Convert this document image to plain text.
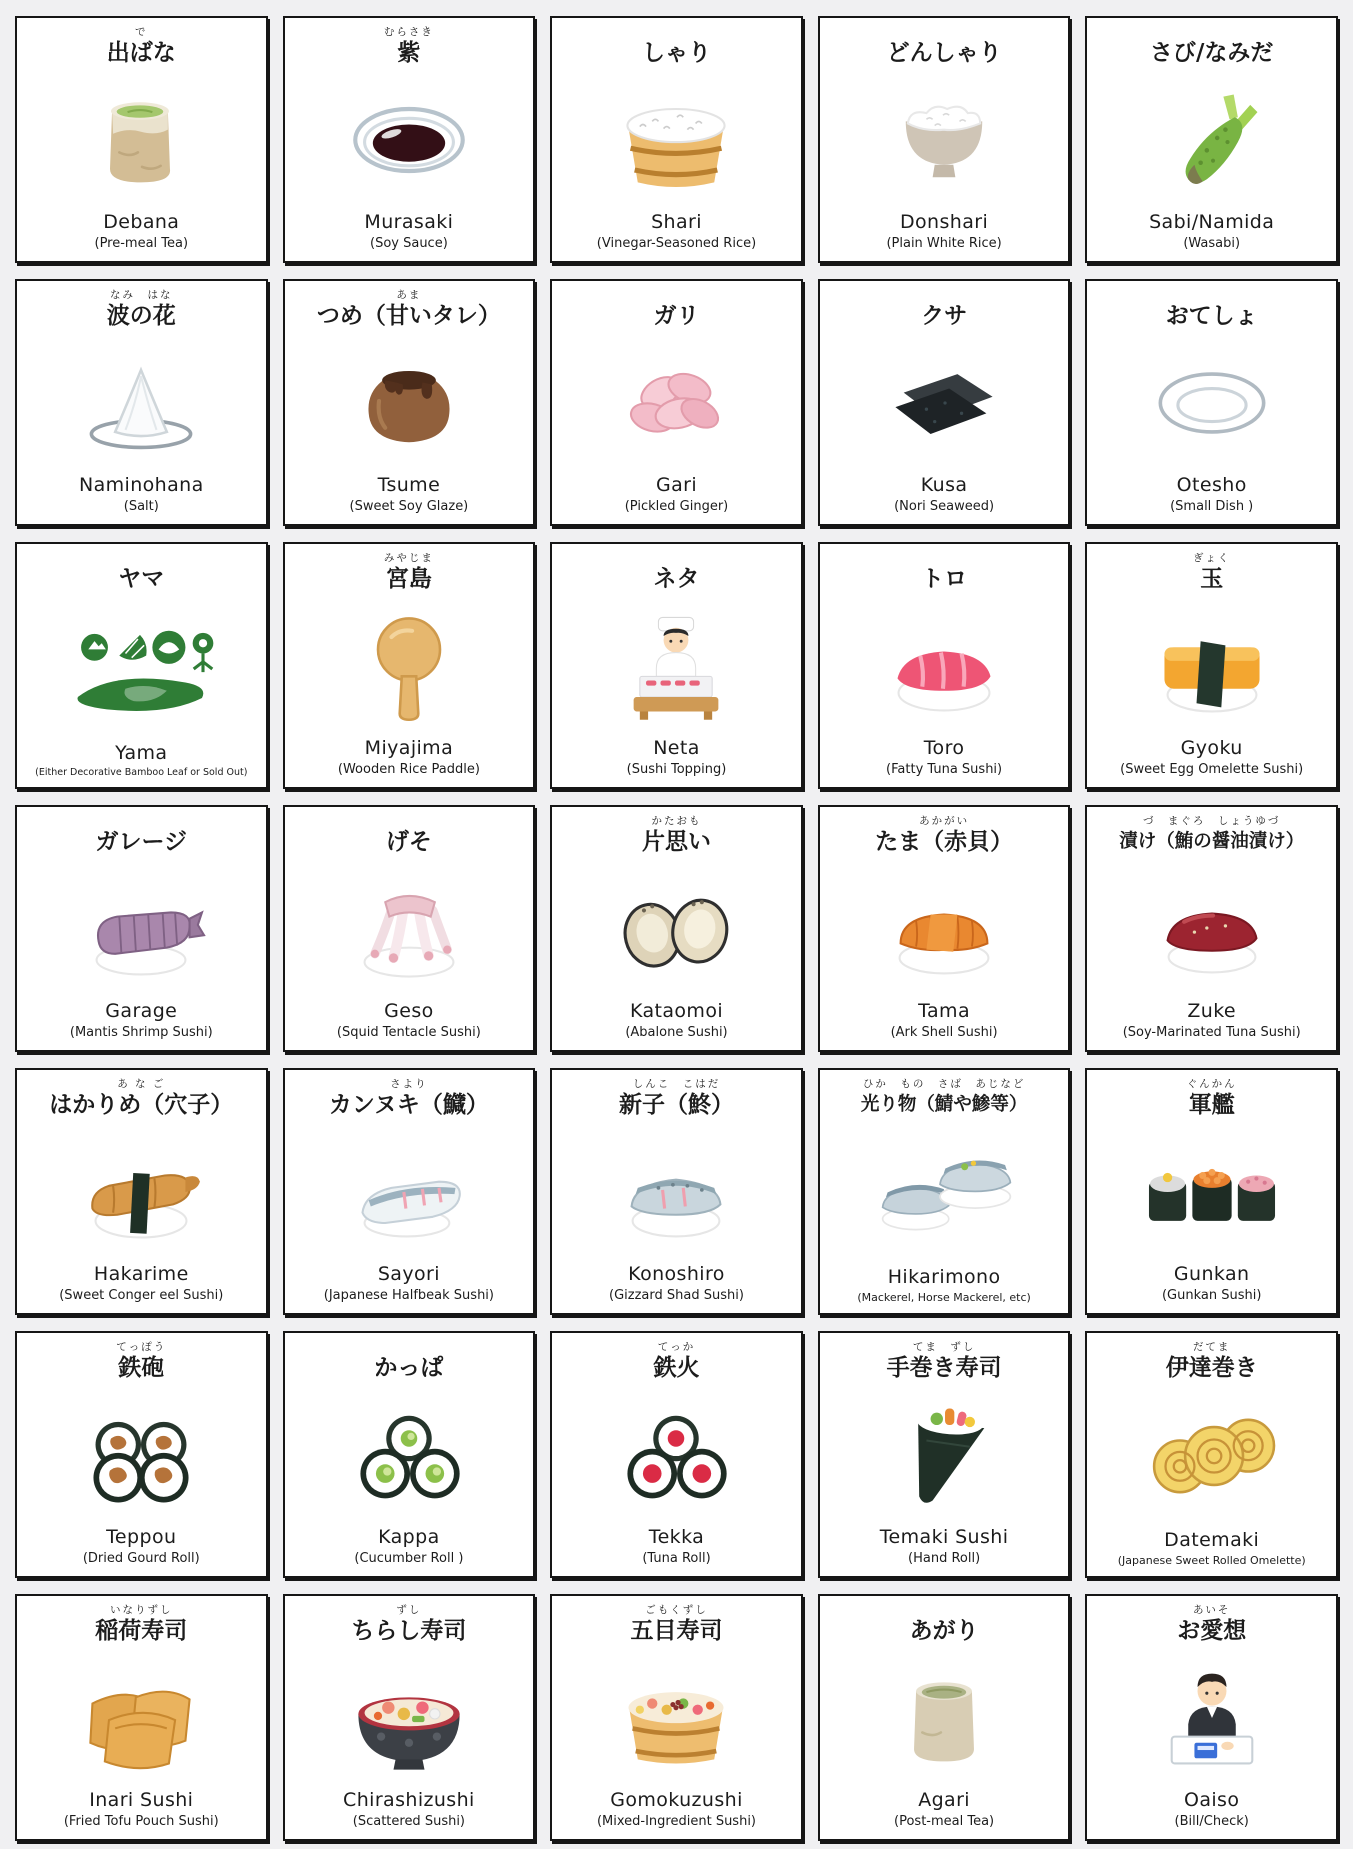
で
出ばな
Debana
(Pre-meal Tea)
むらさき
紫
Murasaki
(Soy Sauce)
しゃり
Shari
(Vinegar-Seasoned Rice)
どんしゃり
Donshari
(Plain White Rice)
さび/なみだ
Sabi/Namida
(Wasabi)
なみ　はな
波の花
Naminohana
(Salt)
あま
つめ（甘いタレ）
Tsume
(Sweet Soy Glaze)
ガリ
Gari
(Pickled Ginger)
クサ
Kusa
(Nori Seaweed)
おてしょ
Otesho
(Small Dish )
ヤマ
Yama
(Either Decorative Bamboo Leaf or Sold Out)
みやじま
宮島
Miyajima
(Wooden Rice Paddle)
ネタ
Neta
(Sushi Topping)
トロ
Toro
(Fatty Tuna Sushi)
ぎょく
玉
Gyoku
(Sweet Egg Omelette Sushi)
ガレージ
Garage
(Mantis Shrimp Sushi)
げそ
Geso
(Squid Tentacle Sushi)
かたおも
片思い
Kataomoi
(Abalone Sushi)
あかがい
たま（赤貝）
Tama
(Ark Shell Sushi)
づ　まぐろ　しょうゆづ
漬け（鮪の醤油漬け）
Zuke
(Soy-Marinated Tuna Sushi)
あ な ご
はかりめ（穴子）
Hakarime
(Sweet Conger eel Sushi)
さより
カンヌキ（鱵）
Sayori
(Japanese Halfbeak Sushi)
しんこ　こはだ
新子（鮗）
Konoshiro
(Gizzard Shad Sushi)
ひか　もの　さば　あじなど
光り物（鯖や鯵等）
Hikarimono
(Mackerel, Horse Mackerel, etc)
ぐんかん
軍艦
Gunkan
(Gunkan Sushi)
てっぽう
鉄砲
Teppou
(Dried Gourd Roll)
かっぱ
Kappa
(Cucumber Roll )
てっか
鉄火
Tekka
(Tuna Roll)
てま　ずし
手巻き寿司
Temaki Sushi
(Hand Roll)
だてま
伊達巻き
Datemaki
(Japanese Sweet Rolled Omelette)
いなりずし
稲荷寿司
Inari Sushi
(Fried Tofu Pouch Sushi)
ずし
ちらし寿司
Chirashizushi
(Scattered Sushi)
ごもくずし
五目寿司
Gomokuzushi
(Mixed-Ingredient Sushi)
あがり
Agari
(Post-meal Tea)
あいそ
お愛想
Oaiso
(Bill/Check)
